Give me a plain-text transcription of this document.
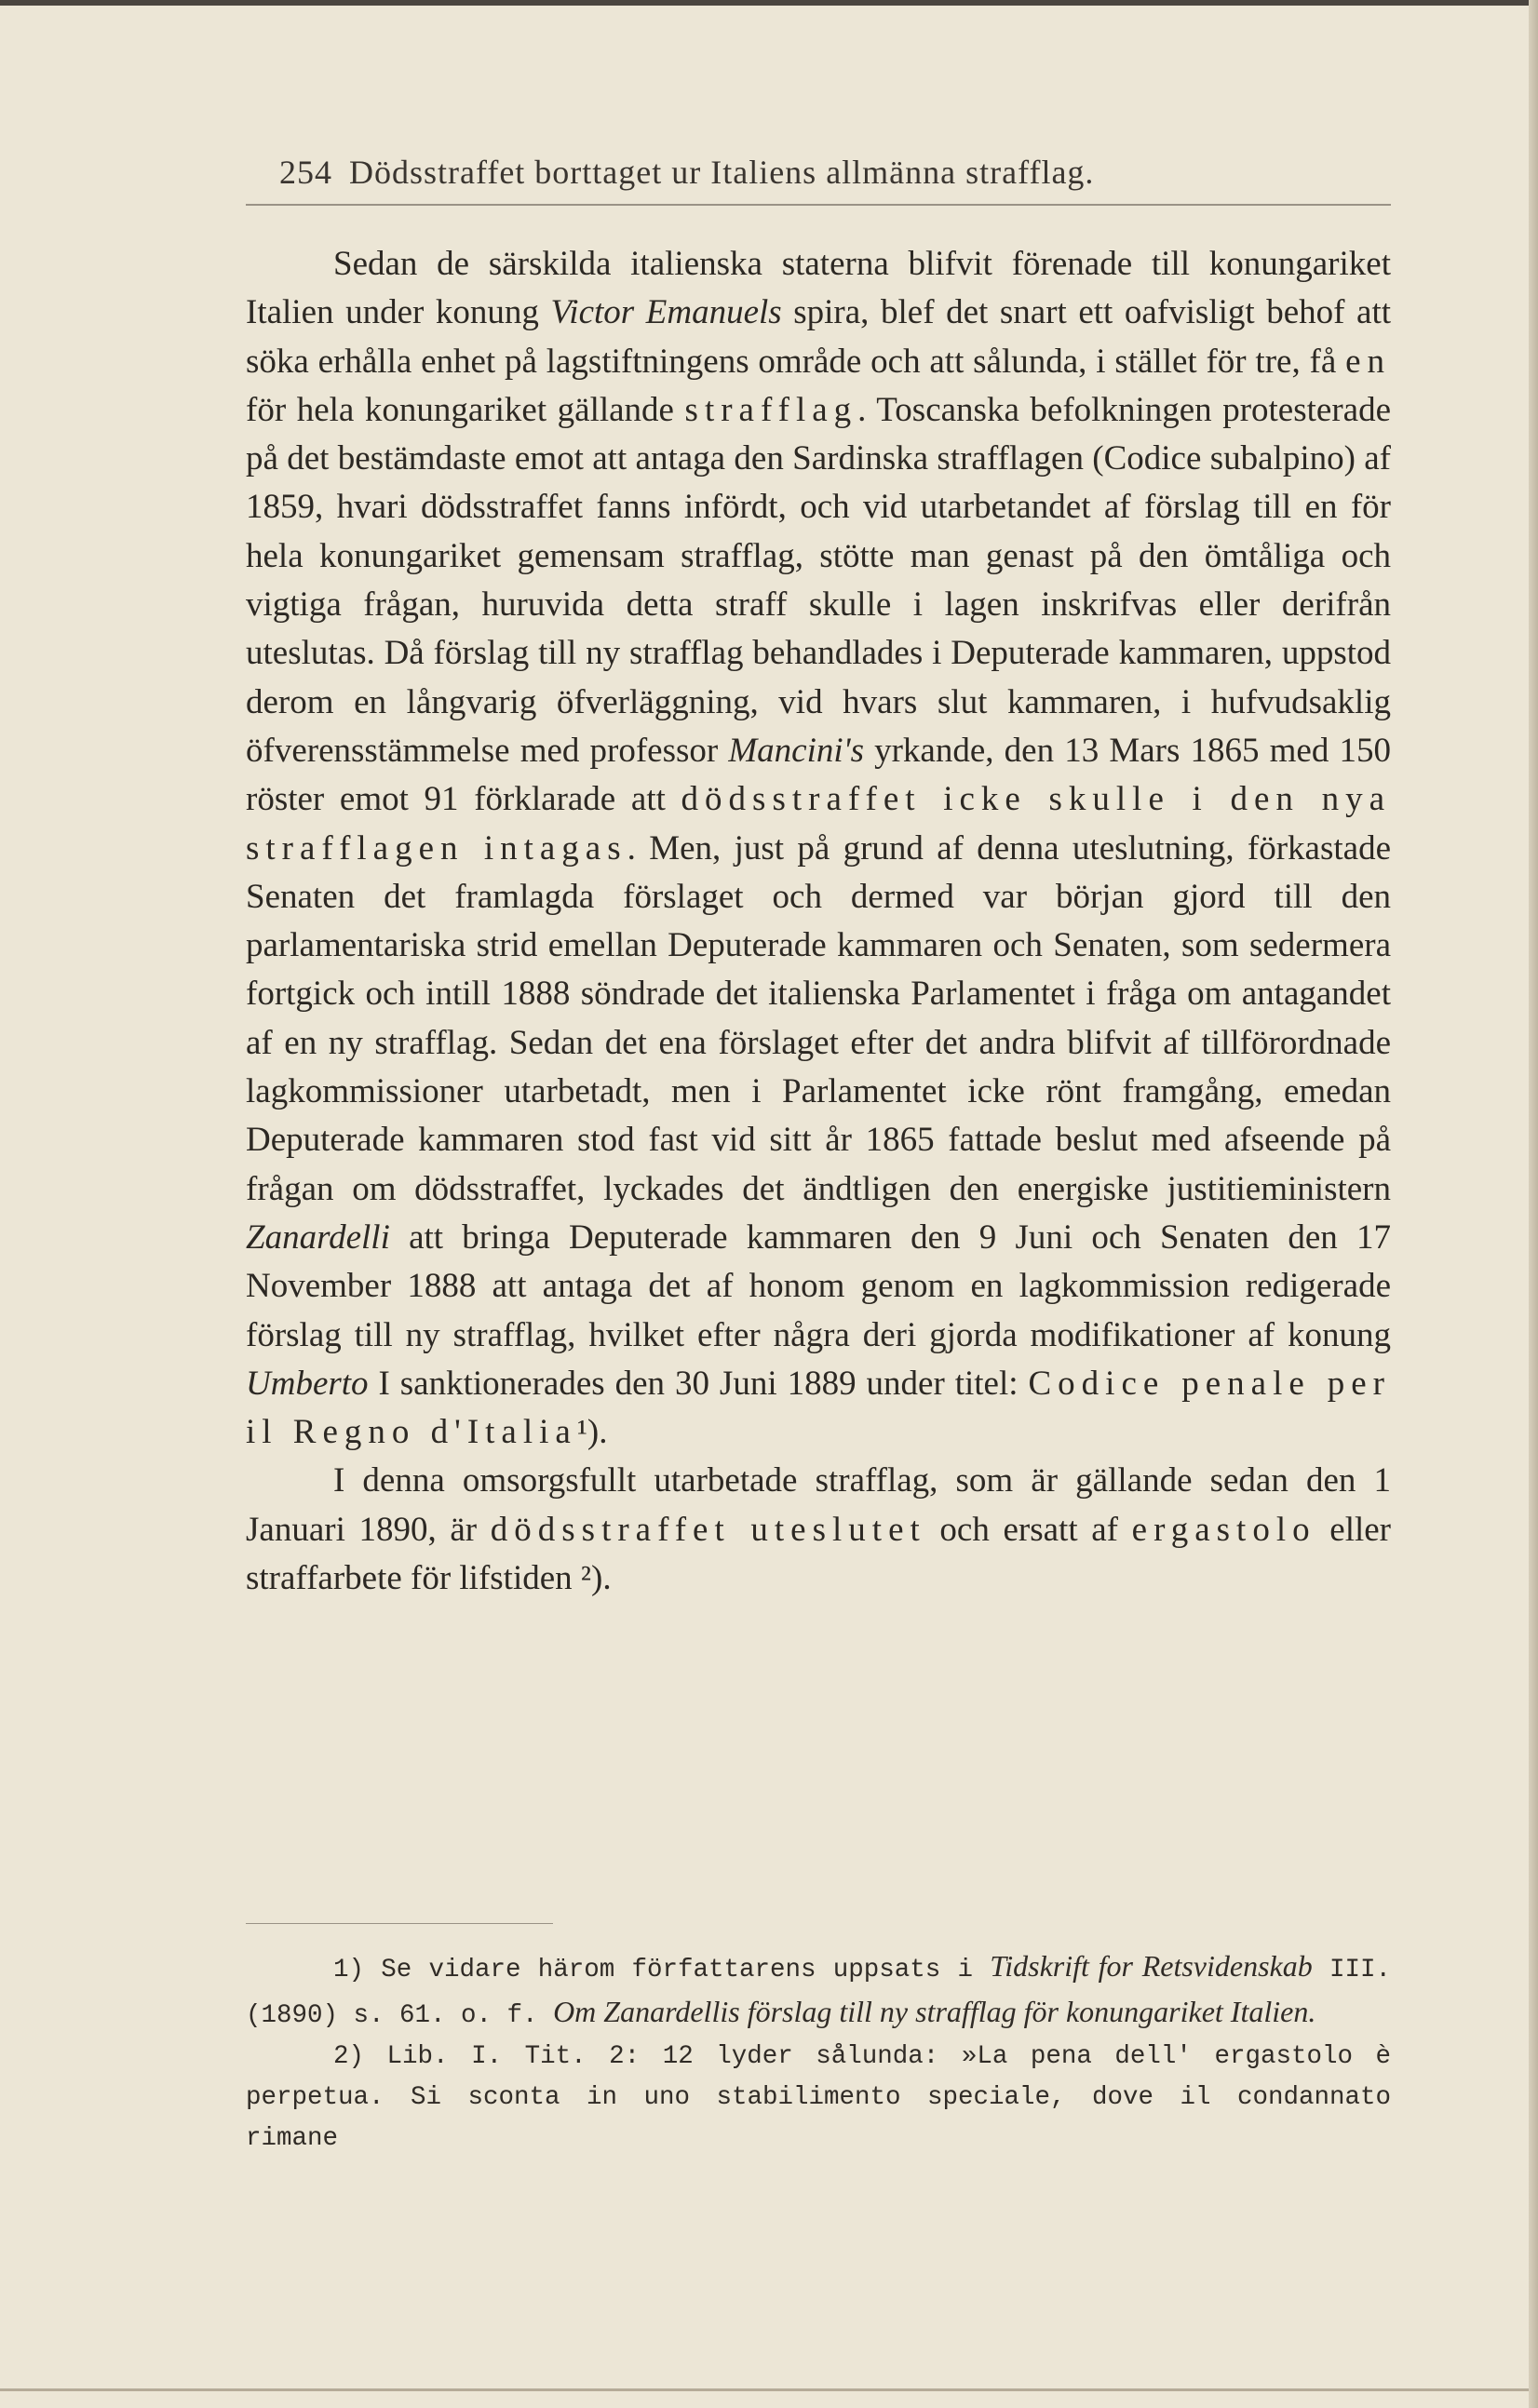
254 Dödsstraffet borttaget ur Italiens allmänna strafflag.

Sedan de särskilda italienska staterna blifvit förenade till konungariket Italien under konung Victor Emanuels spira, blef det snart ett oafvisligt behof att söka erhålla enhet på lagstiftningens område och att sålunda, i stället för tre, få en för hela konungariket gällande strafflag. Toscanska befolkningen protesterade på det bestämdaste emot att antaga den Sardinska strafflagen (Codice subalpino) af 1859, hvari dödsstraffet fanns infördt, och vid utarbetandet af förslag till en för hela konungariket gemensam strafflag, stötte man genast på den ömtåliga och vigtiga frågan, huruvida detta straff skulle i lagen inskrifvas eller derifrån uteslutas. Då förslag till ny strafflag behandlades i Deputerade kammaren, uppstod derom en långvarig öfverläggning, vid hvars slut kammaren, i hufvudsaklig öfverensstämmelse med professor Mancini's yrkande, den 13 Mars 1865 med 150 röster emot 91 förklarade att dödsstraffet icke skulle i den nya strafflagen intagas. Men, just på grund af denna uteslutning, förkastade Senaten det framlagda förslaget och dermed var början gjord till den parlamentariska strid emellan Deputerade kammaren och Senaten, som sedermera fortgick och intill 1888 söndrade det italienska Parlamentet i fråga om antagandet af en ny strafflag. Sedan det ena förslaget efter det andra blifvit af tillförordnade lagkommissioner utarbetadt, men i Parlamentet icke rönt framgång, emedan Deputerade kammaren stod fast vid sitt år 1865 fattade beslut med afseende på frågan om dödsstraffet, lyckades det ändtligen den energiske justitieministern Zanardelli att bringa Deputerade kammaren den 9 Juni och Senaten den 17 November 1888 att antaga det af honom genom en lagkommission redigerade förslag till ny strafflag, hvilket efter några deri gjorda modifikationer af konung Umberto I sanktionerades den 30 Juni 1889 under titel: Codice penale per il Regno d'Italia¹).

I denna omsorgsfullt utarbetade strafflag, som är gällande sedan den 1 Januari 1890, är dödsstraffet uteslutet och ersatt af ergastolo eller straffarbete för lifstiden ²).

1) Se vidare härom författarens uppsats i Tidskrift for Retsvidenskab III. (1890) s. 61. o. f. Om Zanardellis förslag till ny strafflag för konungariket Italien.

2) Lib. I. Tit. 2: 12 lyder sålunda: »La pena dell' ergastolo è perpetua. Si sconta in uno stabilimento speciale, dove il condannato rimane
